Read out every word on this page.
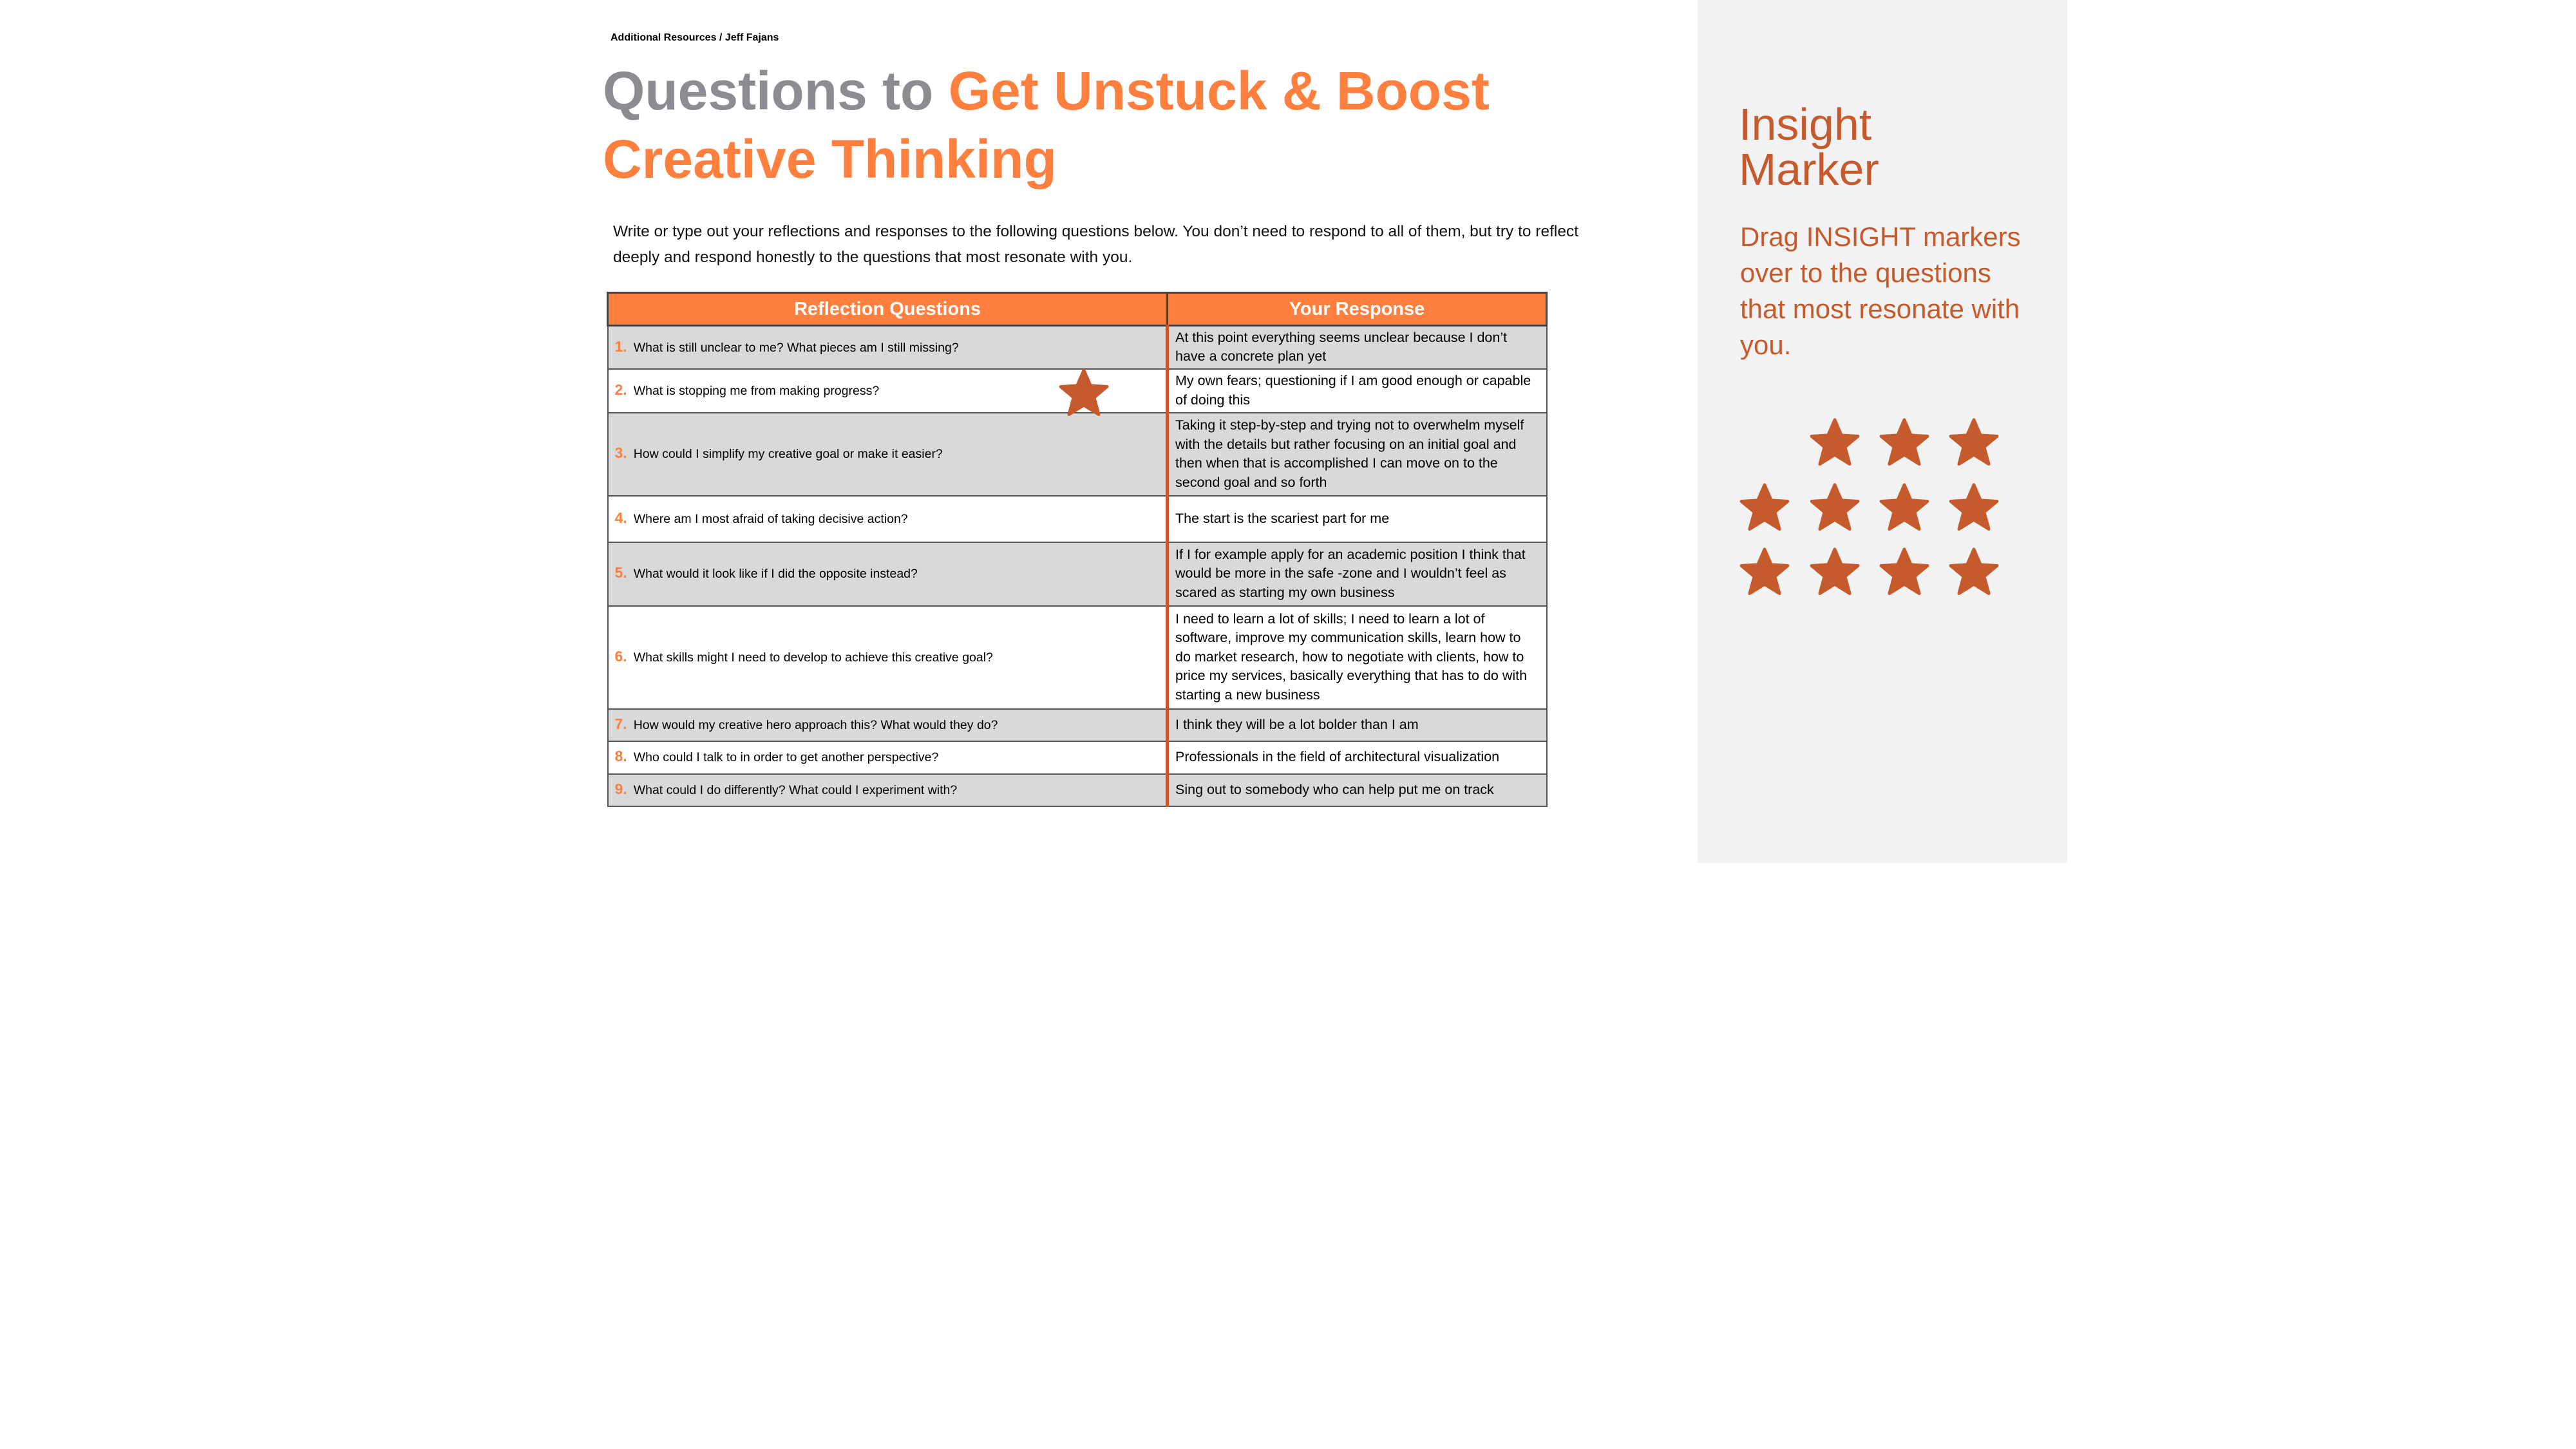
Additional Resources / Jeff Fajans
Questions to Get Unstuck & Boost Creative Thinking
Write or type out your reflections and responses to the following questions below. You don’t need to respond to all of them, but try to reflect deeply and respond honestly to the questions that most resonate with you.
Reflection Questions	Your Response
1. What is still unclear to me? What pieces am I still missing?	At this point everything seems unclear because I don’t have a concrete plan yet
2. What is stopping me from making progress?	My own fears; questioning if I am good enough or capable of doing this
3. How could I simplify my creative goal or make it easier?	Taking it step-by-step and trying not to overwhelm myself with the details but rather focusing on an initial goal and then when that is accomplished I can move on to the second goal and so forth
4. Where am I most afraid of taking decisive action?	The start is the scariest part for me
5. What would it look like if I did the opposite instead?	If I for example apply for an academic position I think that would be more in the safe -zone and I wouldn’t feel as scared as starting my own business
6. What skills might I need to develop to achieve this creative goal?	I need to learn a lot of skills; I need to learn a lot of software, improve my communication skills, learn how to do market research, how to negotiate with clients, how to price my services, basically everything that has to do with starting a new business
7. How would my creative hero approach this? What would they do?	I think they will be a lot bolder than I am
8. Who could I talk to in order to get another perspective?	Professionals in the field of architectural visualization
9. What could I do differently? What could I experiment with?	Sing out to somebody who can help put me on track
Insight Marker
Drag INSIGHT markers over to the questions that most resonate with you.
